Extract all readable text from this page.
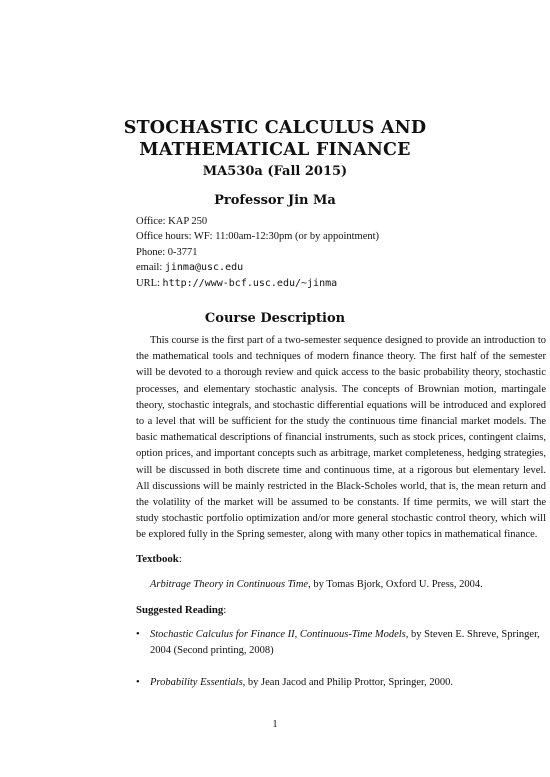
STOCHASTIC CALCULUS AND
MATHEMATICAL FINANCE
MA530a (Fall 2015)
Professor Jin Ma
Office: KAP 250
Office hours: WF: 11:00am-12:30pm (or by appointment)
Phone: 0-3771
email: jinma@usc.edu
URL: http://www-bcf.usc.edu/~jinma
Course Description
This course is the first part of a two-semester sequence designed to provide an introduction to the mathematical tools and techniques of modern finance theory. The first half of the semester will be devoted to a thorough review and quick access to the basic probability theory, stochastic processes, and elementary stochastic analysis. The concepts of Brownian motion, martingale theory, stochastic integrals, and stochastic differential equations will be introduced and explored to a level that will be sufficient for the study the continuous time financial market models. The basic mathematical descriptions of financial instruments, such as stock prices, contingent claims, option prices, and important concepts such as arbitrage, market completeness, hedging strategies, will be discussed in both discrete time and continuous time, at a rigorous but elementary level. All discussions will be mainly restricted in the Black-Scholes world, that is, the mean return and the volatility of the market will be assumed to be constants. If time permits, we will start the study stochastic portfolio optimization and/or more general stochastic control theory, which will be explored fully in the Spring semester, along with many other topics in mathematical finance.
Textbook:
Arbitrage Theory in Continuous Time, by Tomas Bjork, Oxford U. Press, 2004.
Suggested Reading:
• Stochastic Calculus for Finance II, Continuous-Time Models, by Steven E. Shreve, Springer, 2004 (Second printing, 2008)
• Probability Essentials, by Jean Jacod and Philip Prottor, Springer, 2000.
1
